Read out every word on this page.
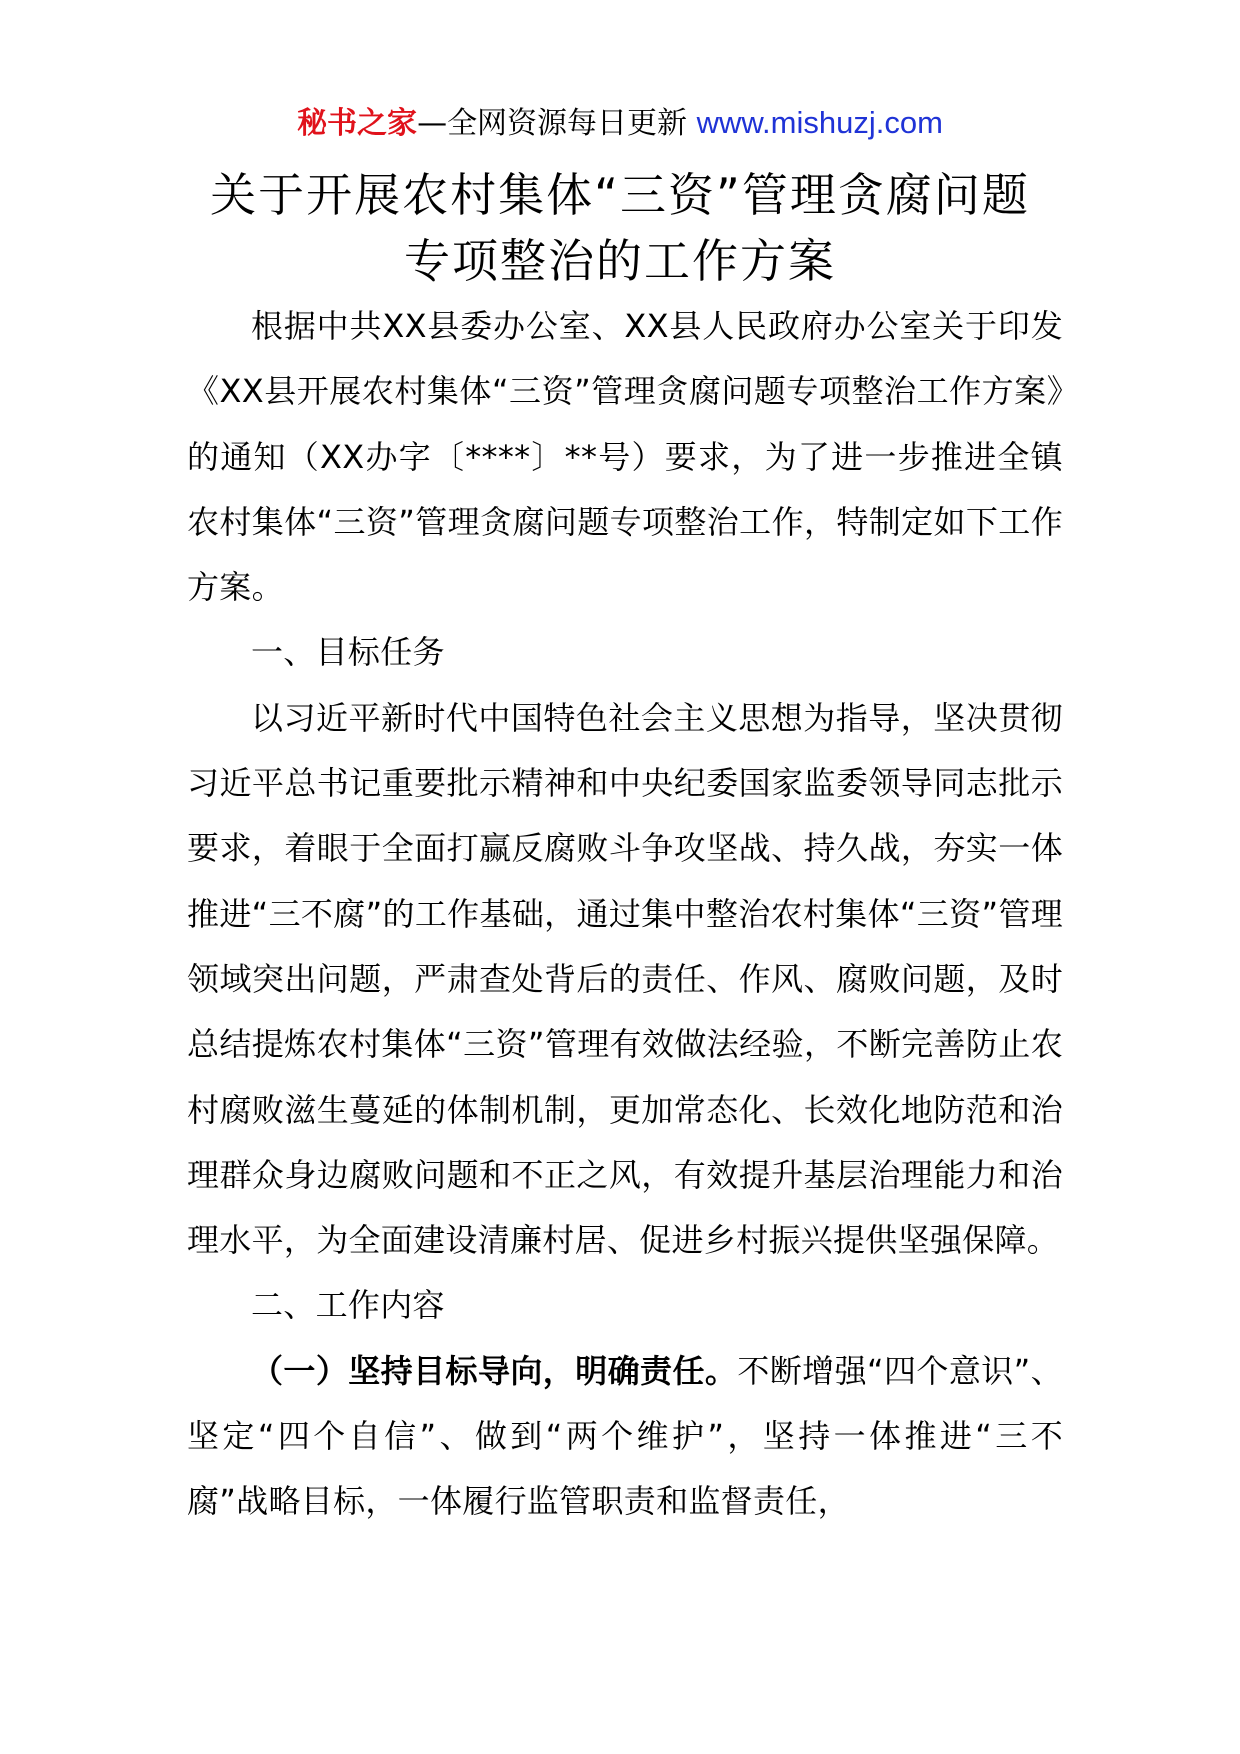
秘书之家—全网资源每日更新 www.mishuzj.com
关于开展农村集体“三资”管理贪腐问题
专项整治的工作方案

根据中共XX县委办公室、XX县人民政府办公室关于印发《XX县开展农村集体“三资”管理贪腐问题专项整治工作方案》的通知（XX办字〔****〕**号）要求，为了进一步推进全镇农村集体“三资”管理贪腐问题专项整治工作，特制定如下工作方案。

一、目标任务

以习近平新时代中国特色社会主义思想为指导，坚决贯彻习近平总书记重要批示精神和中央纪委国家监委领导同志批示要求，着眼于全面打赢反腐败斗争攻坚战、持久战，夯实一体推进“三不腐”的工作基础，通过集中整治农村集体“三资”管理领域突出问题，严肃查处背后的责任、作风、腐败问题，及时总结提炼农村集体“三资”管理有效做法经验，不断完善防止农村腐败滋生蔓延的体制机制，更加常态化、长效化地防范和治理群众身边腐败问题和不正之风，有效提升基层治理能力和治理水平，为全面建设清廉村居、促进乡村振兴提供坚强保障。

二、工作内容

（一）坚持目标导向，明确责任。不断增强“四个意识”、坚定“四个自信”、做到“两个维护”，坚持一体推进“三不腐”战略目标，一体履行监管职责和监督责任，
